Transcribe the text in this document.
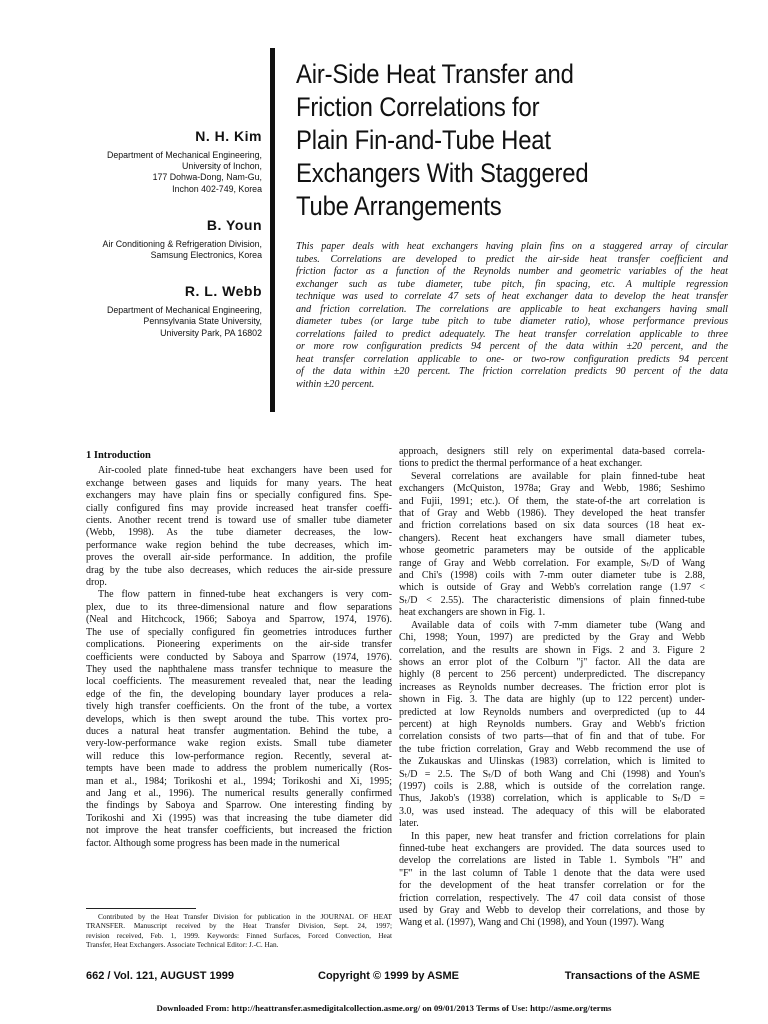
N. H. Kim
Department of Mechanical Engineering,
University of Inchon,
177 Dohwa-Dong, Nam-Gu,
Inchon 402-749, Korea
B. Youn
Air Conditioning & Refrigeration Division,
Samsung Electronics, Korea
R. L. Webb
Department of Mechanical Engineering,
Pennsylvania State University,
University Park, PA 16802
Air-Side Heat Transfer and
Friction Correlations for
Plain Fin-and-Tube Heat
Exchangers With Staggered
Tube Arrangements
This paper deals with heat exchangers having plain fins on a staggered array of circular
tubes. Correlations are developed to predict the air-side heat transfer coefficient and
friction factor as a function of the Reynolds number and geometric variables of the heat
exchanger such as tube diameter, tube pitch, fin spacing, etc. A multiple regression
technique was used to correlate 47 sets of heat exchanger data to develop the heat transfer
and friction correlation. The correlations are applicable to heat exchangers having small
diameter tubes (or large tube pitch to tube diameter ratio), whose performance previous
correlations failed to predict adequately. The heat transfer correlation applicable to three
or more row configuration predicts 94 percent of the data within ±20 percent, and the
heat transfer correlation applicable to one- or two-row configuration predicts 94 percent
of the data within ±20 percent. The friction correlation predicts 90 percent of the data
within ±20 percent.
1 Introduction
Air-cooled plate finned-tube heat exchangers have been used for
exchange between gases and liquids for many years. The heat
exchangers may have plain fins or specially configured fins. Spe-
cially configured fins may provide increased heat transfer coeffi-
cients. Another recent trend is toward use of smaller tube diameter
(Webb, 1998). As the tube diameter decreases, the low-
performance wake region behind the tube decreases, which im-
proves the overall air-side performance. In addition, the profile
drag by the tube also decreases, which reduces the air-side pressure
drop.
The flow pattern in finned-tube heat exchangers is very com-
plex, due to its three-dimensional nature and flow separations
(Neal and Hitchcock, 1966; Saboya and Sparrow, 1974, 1976).
The use of specially configured fin geometries introduces further
complications. Pioneering experiments on the air-side transfer
coefficients were conducted by Saboya and Sparrow (1974, 1976).
They used the naphthalene mass transfer technique to measure the
local coefficients. The measurement revealed that, near the leading
edge of the fin, the developing boundary layer produces a rela-
tively high transfer coefficients. On the front of the tube, a vortex
develops, which is then swept around the tube. This vortex pro-
duces a natural heat transfer augmentation. Behind the tube, a
very-low-performance wake region exists. Small tube diameter
will reduce this low-performance region. Recently, several at-
tempts have been made to address the problem numerically (Ros-
man et al., 1984; Torikoshi et al., 1994; Torikoshi and Xi, 1995;
and Jang et al., 1996). The numerical results generally confirmed
the findings by Saboya and Sparrow. One interesting finding by
Torikoshi and Xi (1995) was that increasing the tube diameter did
not improve the heat transfer coefficients, but increased the friction
factor. Although some progress has been made in the numerical
approach, designers still rely on experimental data-based correla-
tions to predict the thermal performance of a heat exchanger.
Several correlations are available for plain finned-tube heat
exchangers (McQuiston, 1978a; Gray and Webb, 1986; Seshimo
and Fujii, 1991; etc.). Of them, the state-of-the art correlation is
that of Gray and Webb (1986). They developed the heat transfer
and friction correlations based on six data sources (18 heat ex-
changers). Recent heat exchangers have small diameter tubes,
whose geometric parameters may be outside of the applicable
range of Gray and Webb correlation. For example, Sₜ/D of Wang
and Chi's (1998) coils with 7-mm outer diameter tube is 2.88,
which is outside of Gray and Webb's correlation range (1.97 <
Sₜ/D < 2.55). The characteristic dimensions of plain finned-tube
heat exchangers are shown in Fig. 1.
Available data of coils with 7-mm diameter tube (Wang and
Chi, 1998; Youn, 1997) are predicted by the Gray and Webb
correlation, and the results are shown in Figs. 2 and 3. Figure 2
shows an error plot of the Colburn "j" factor. All the data are
highly (8 percent to 256 percent) underpredicted. The discrepancy
increases as Reynolds number decreases. The friction error plot is
shown in Fig. 3. The data are highly (up to 122 percent) under-
predicted at low Reynolds numbers and overpredicted (up to 44
percent) at high Reynolds numbers. Gray and Webb's friction
correlation consists of two parts—that of fin and that of tube. For
the tube friction correlation, Gray and Webb recommend the use of
the Zukauskas and Ulinskas (1983) correlation, which is limited to
Sₜ/D = 2.5. The Sₜ/D of both Wang and Chi (1998) and Youn's
(1997) coils is 2.88, which is outside of the correlation range.
Thus, Jakob's (1938) correlation, which is applicable to Sₜ/D =
3.0, was used instead. The adequacy of this will be elaborated
later.
In this paper, new heat transfer and friction correlations for plain
finned-tube heat exchangers are provided. The data sources used to
develop the correlations are listed in Table 1. Symbols "H" and
"F" in the last column of Table 1 denote that the data were used
for the development of the heat transfer correlation or for the
friction correlation, respectively. The 47 coil data consist of those
used by Gray and Webb to develop their correlations, and those by
Wang et al. (1997), Wang and Chi (1998), and Youn (1997). Wang
Contributed by the Heat Transfer Division for publication in the JOURNAL OF HEAT
TRANSFER. Manuscript received by the Heat Transfer Division, Sept. 24, 1997;
revision received, Feb. 1, 1999. Keywords: Finned Surfaces, Forced Convection, Heat
Transfer, Heat Exchangers. Associate Technical Editor: J.-C. Han.
662 / Vol. 121, AUGUST 1999	Copyright © 1999 by ASME	Transactions of the ASME
Downloaded From: http://heattransfer.asmedigitalcollection.asme.org/ on 09/01/2013 Terms of Use: http://asme.org/terms
